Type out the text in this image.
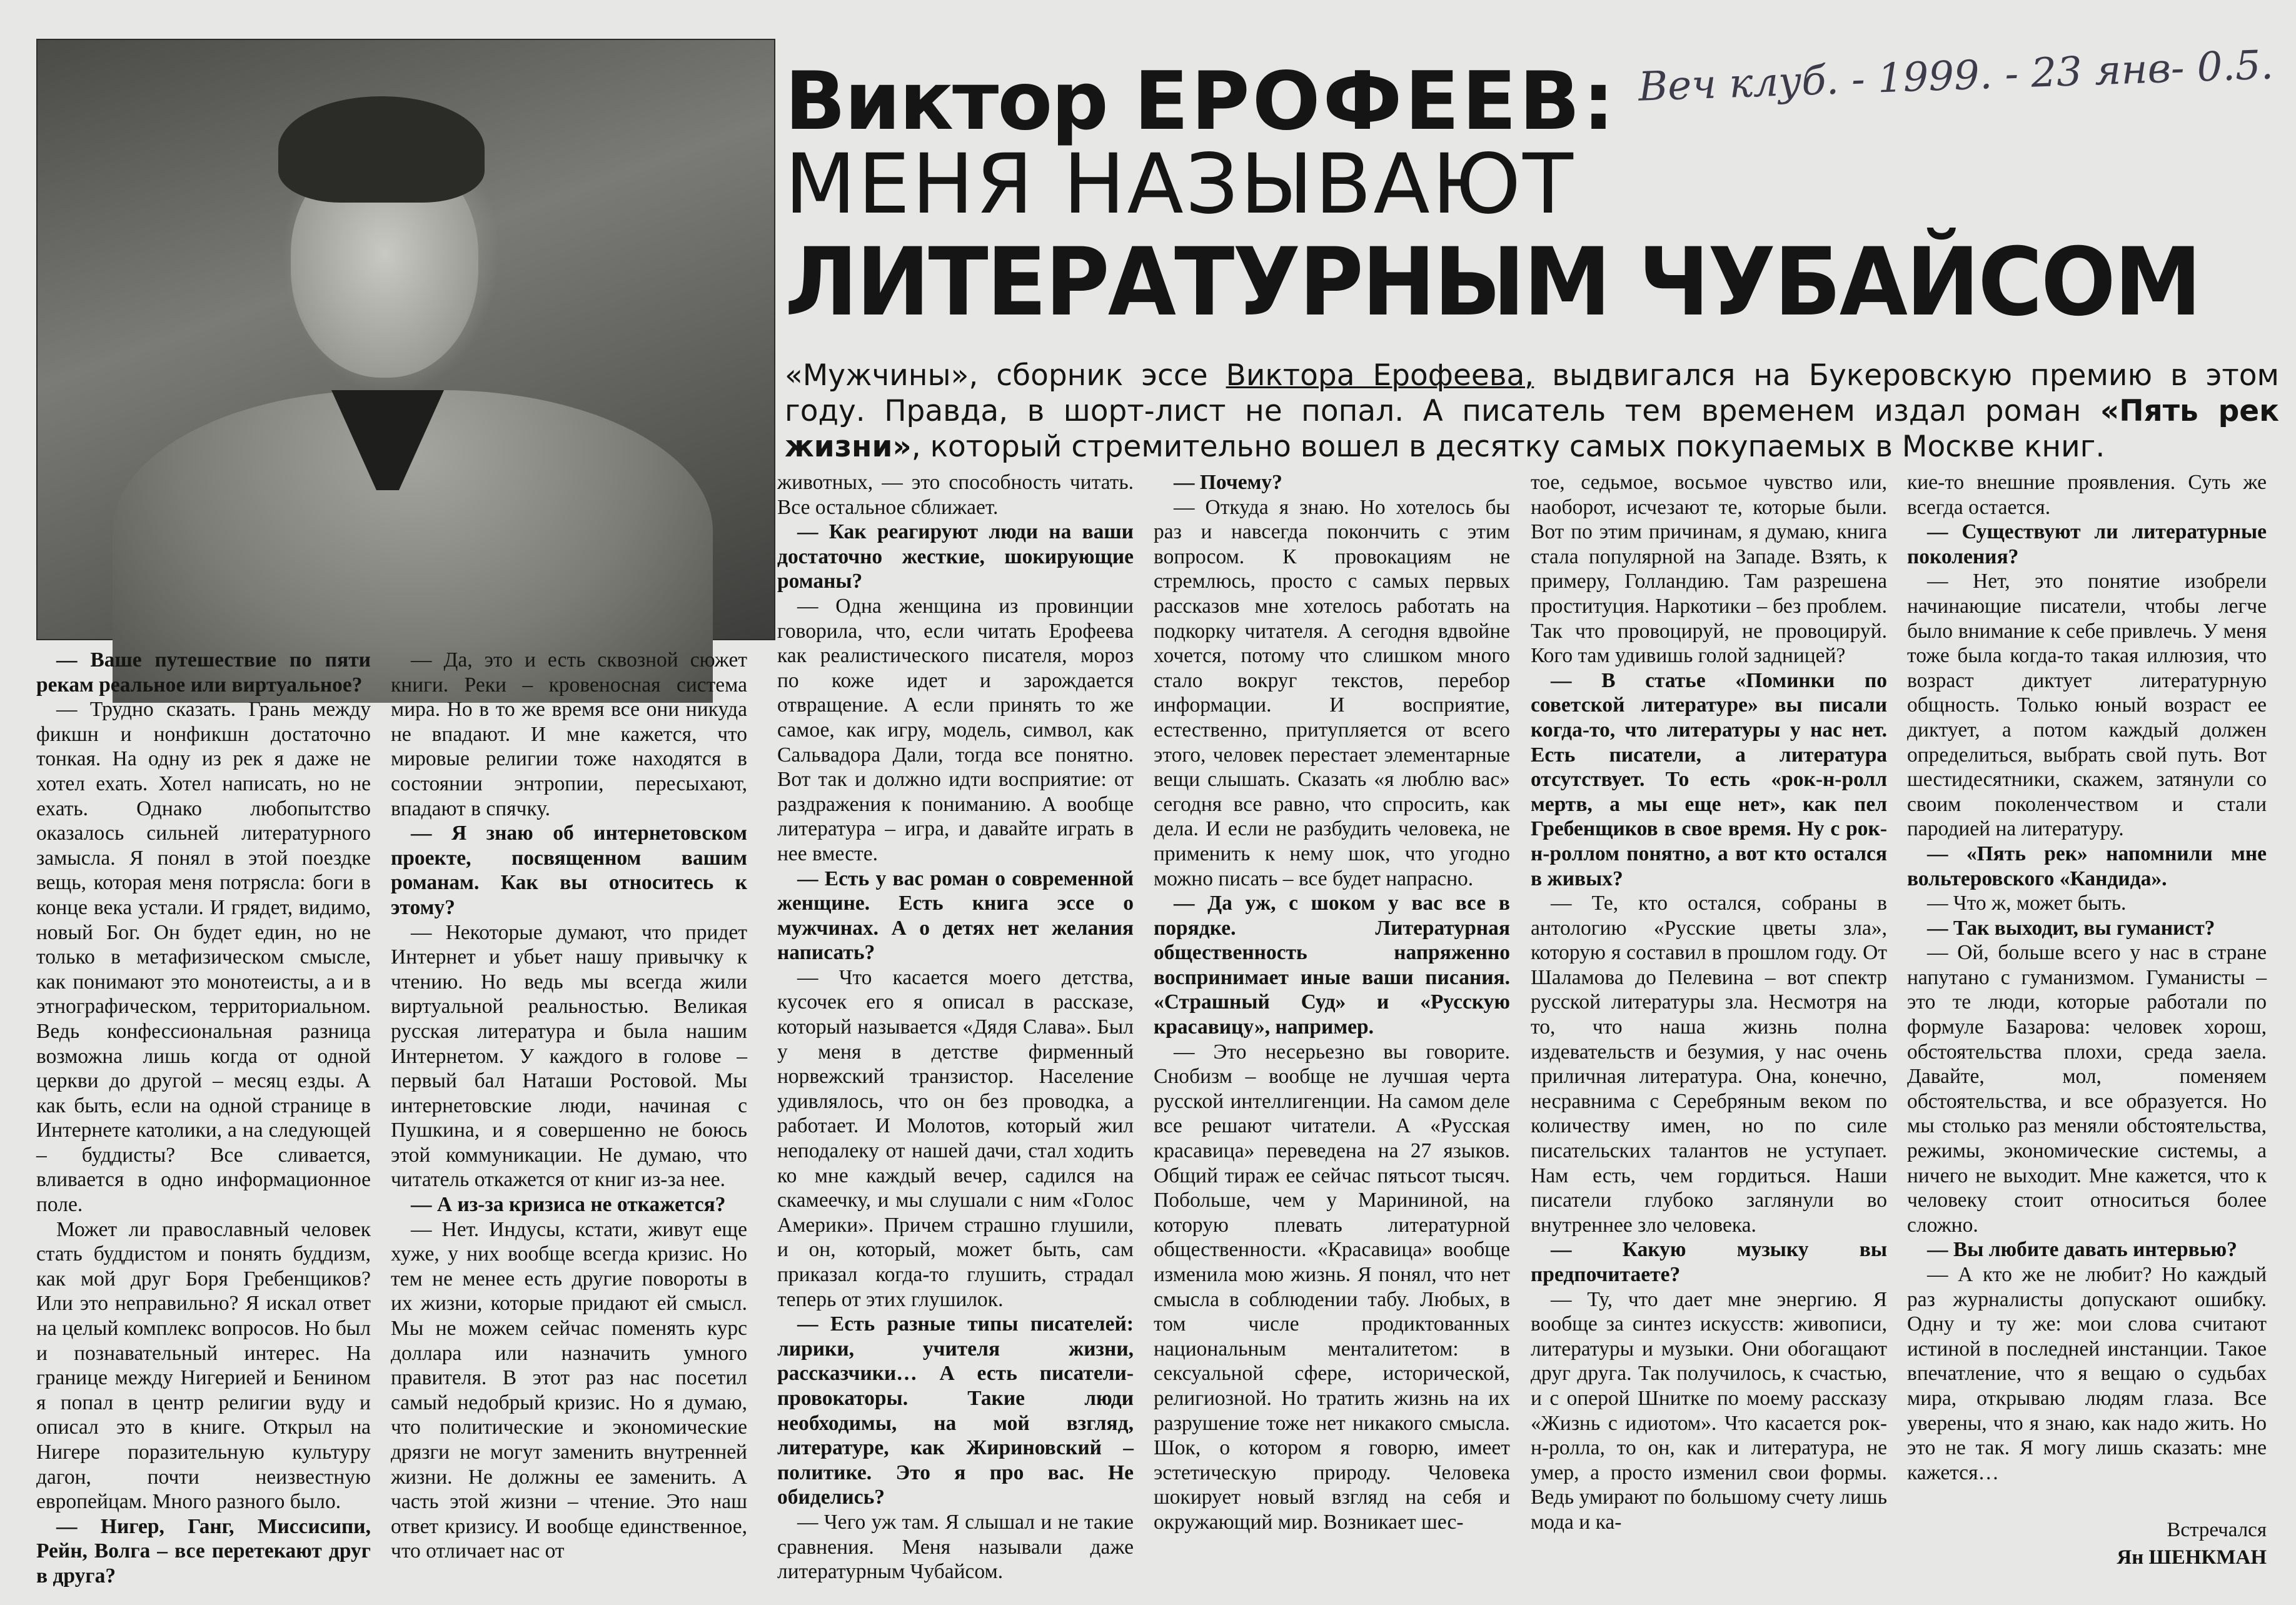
Веч клуб. - 1999. - 23 янв- 0.5.
Виктор ЕРОФЕЕВ:
МЕНЯ НАЗЫВАЮТ
ЛИТЕРАТУРНЫМ ЧУБАЙСОМ
«Мужчины», сборник эссе Виктора Ерофеева, выдвигался на Букеровскую премию в этом году. Правда, в шорт-лист не попал. А писатель тем временем издал роман «Пять рек жизни», который стремительно вошел в десятку самых покупаемых в Москве книг.

— Ваше путешествие по пяти рекам реальное или виртуальное?

— Трудно сказать. Грань между фикшн и нонфикшн достаточно тонкая. На одну из рек я даже не хотел ехать. Хотел написать, но не ехать. Однако любопытство оказалось сильней литературного замысла. Я понял в этой поездке вещь, которая меня потрясла: боги в конце века устали. И грядет, видимо, новый Бог. Он будет един, но не только в метафизическом смысле, как понимают это монотеисты, а и в этнографическом, территориальном. Ведь конфессиональная разница возможна лишь когда от одной церкви до другой – месяц езды. А как быть, если на одной странице в Интернете католики, а на следующей – буддисты? Все сливается, вливается в одно информационное поле.

Может ли православный человек стать буддистом и понять буддизм, как мой друг Боря Гребенщиков? Или это неправильно? Я искал ответ на целый комплекс вопросов. Но был и познавательный интерес. На границе между Нигерией и Бенином я попал в центр религии вуду и описал это в книге. Открыл на Нигере поразительную культуру дагон, почти неизвестную европейцам. Много разного было.

— Нигер, Ганг, Миссисипи, Рейн, Волга – все перетекают друг в друга?

— Да, это и есть сквозной сюжет книги. Реки – кровеносная система мира. Но в то же время все они никуда не впадают. И мне кажется, что мировые религии тоже находятся в состоянии энтропии, пересыхают, впадают в спячку.

— Я знаю об интернетовском проекте, посвященном вашим романам. Как вы относитесь к этому?

— Некоторые думают, что придет Интернет и убьет нашу привычку к чтению. Но ведь мы всегда жили виртуальной реальностью. Великая русская литература и была нашим Интернетом. У каждого в голове – первый бал Наташи Ростовой. Мы интернетовские люди, начиная с Пушкина, и я совершенно не боюсь этой коммуникации. Не думаю, что читатель откажется от книг из-за нее.

— А из-за кризиса не откажется?

— Нет. Индусы, кстати, живут еще хуже, у них вообще всегда кризис. Но тем не менее есть другие повороты в их жизни, которые придают ей смысл. Мы не можем сейчас поменять курс доллара или назначить умного правителя. В этот раз нас посетил самый недобрый кризис. Но я думаю, что политические и экономические дрязги не могут заменить внутренней жизни. Не должны ее заменить. А часть этой жизни – чтение. Это наш ответ кризису. И вообще единственное, что отличает нас от

животных, — это способность читать. Все остальное сближает.

— Как реагируют люди на ваши достаточно жесткие, шокирующие романы?

— Одна женщина из провинции говорила, что, если читать Ерофеева как реалистического писателя, мороз по коже идет и зарождается отвращение. А если принять то же самое, как игру, модель, символ, как Сальвадора Дали, тогда все понятно. Вот так и должно идти восприятие: от раздражения к пониманию. А вообще литература – игра, и давайте играть в нее вместе.

— Есть у вас роман о современной женщине. Есть книга эссе о мужчинах. А о детях нет желания написать?

— Что касается моего детства, кусочек его я описал в рассказе, который называется «Дядя Слава». Был у меня в детстве фирменный норвежский транзистор. Население удивлялось, что он без проводка, а работает. И Молотов, который жил неподалеку от нашей дачи, стал ходить ко мне каждый вечер, садился на скамеечку, и мы слушали с ним «Голос Америки». Причем страшно глушили, и он, который, может быть, сам приказал когда-то глушить, страдал теперь от этих глушилок.

— Есть разные типы писателей: лирики, учителя жизни, рассказчики… А есть писатели-провокаторы. Такие люди необходимы, на мой взгляд, литературе, как Жириновский – политике. Это я про вас. Не обиделись?

— Чего уж там. Я слышал и не такие сравнения. Меня называли даже литературным Чубайсом.

— Почему?

— Откуда я знаю. Но хотелось бы раз и навсегда покончить с этим вопросом. К провокациям не стремлюсь, просто с самых первых рассказов мне хотелось работать на подкорку читателя. А сегодня вдвойне хочется, потому что слишком много стало вокруг текстов, перебор информации. И восприятие, естественно, притупляется от всего этого, человек перестает элементарные вещи слышать. Сказать «я люблю вас» сегодня все равно, что спросить, как дела. И если не разбудить человека, не применить к нему шок, что угодно можно писать – все будет напрасно.

— Да уж, с шоком у вас все в порядке. Литературная общественность напряженно воспринимает иные ваши писания. «Страшный Суд» и «Русскую красавицу», например.

— Это несерьезно вы говорите. Снобизм – вообще не лучшая черта русской интеллигенции. На самом деле все решают читатели. А «Русская красавица» переведена на 27 языков. Общий тираж ее сейчас пятьсот тысяч. Побольше, чем у Марининой, на которую плевать литературной общественности. «Красавица» вообще изменила мою жизнь. Я понял, что нет смысла в соблюдении табу. Любых, в том числе продиктованных национальным менталитетом: в сексуальной сфере, исторической, религиозной. Но тратить жизнь на их разрушение тоже нет никакого смысла. Шок, о котором я говорю, имеет эстетическую природу. Человека шокирует новый взгляд на себя и окружающий мир. Возникает шес-

тое, седьмое, восьмое чувство или, наоборот, исчезают те, которые были. Вот по этим причинам, я думаю, книга стала популярной на Западе. Взять, к примеру, Голландию. Там разрешена проституция. Наркотики – без проблем. Так что провоцируй, не провоцируй. Кого там удивишь голой задницей?

— В статье «Поминки по советской литературе» вы писали когда-то, что литературы у нас нет. Есть писатели, а литература отсутствует. То есть «рок-н-ролл мертв, а мы еще нет», как пел Гребенщиков в свое время. Ну с рок-н-роллом понятно, а вот кто остался в живых?

— Те, кто остался, собраны в антологию «Русские цветы зла», которую я составил в прошлом году. От Шаламова до Пелевина – вот спектр русской литературы зла. Несмотря на то, что наша жизнь полна издевательств и безумия, у нас очень приличная литература. Она, конечно, несравнима с Серебряным веком по количеству имен, но по силе писательских талантов не уступает. Нам есть, чем гордиться. Наши писатели глубоко заглянули во внутреннее зло человека.

— Какую музыку вы предпочитаете?

— Ту, что дает мне энергию. Я вообще за синтез искусств: живописи, литературы и музыки. Они обогащают друг друга. Так получилось, к счастью, и с оперой Шнитке по моему рассказу «Жизнь с идиотом». Что касается рок-н-ролла, то он, как и литература, не умер, а просто изменил свои формы. Ведь умирают по большому счету лишь мода и ка-

кие-то внешние проявления. Суть же всегда остается.

— Существуют ли литературные поколения?

— Нет, это понятие изобрели начинающие писатели, чтобы легче было внимание к себе привлечь. У меня тоже была когда-то такая иллюзия, что возраст диктует литературную общность. Только юный возраст ее диктует, а потом каждый должен определиться, выбрать свой путь. Вот шестидесятники, скажем, затянули со своим поколенчеством и стали пародией на литературу.

— «Пять рек» напомнили мне вольтеровского «Кандида».

— Что ж, может быть.

— Так выходит, вы гуманист?

— Ой, больше всего у нас в стране напутано с гуманизмом. Гуманисты – это те люди, которые работали по формуле Базарова: человек хорош, обстоятельства плохи, среда заела. Давайте, мол, поменяем обстоятельства, и все образуется. Но мы столько раз меняли обстоятельства, режимы, экономические системы, а ничего не выходит. Мне кажется, что к человеку стоит относиться более сложно.

— Вы любите давать интервью?

— А кто же не любит? Но каждый раз журналисты допускают ошибку. Одну и ту же: мои слова считают истиной в последней инстанции. Такое впечатление, что я вещаю о судьбах мира, открываю людям глаза. Все уверены, что я знаю, как надо жить. Но это не так. Я могу лишь сказать: мне кажется…

Встречался
Ян ШЕНКМАН
